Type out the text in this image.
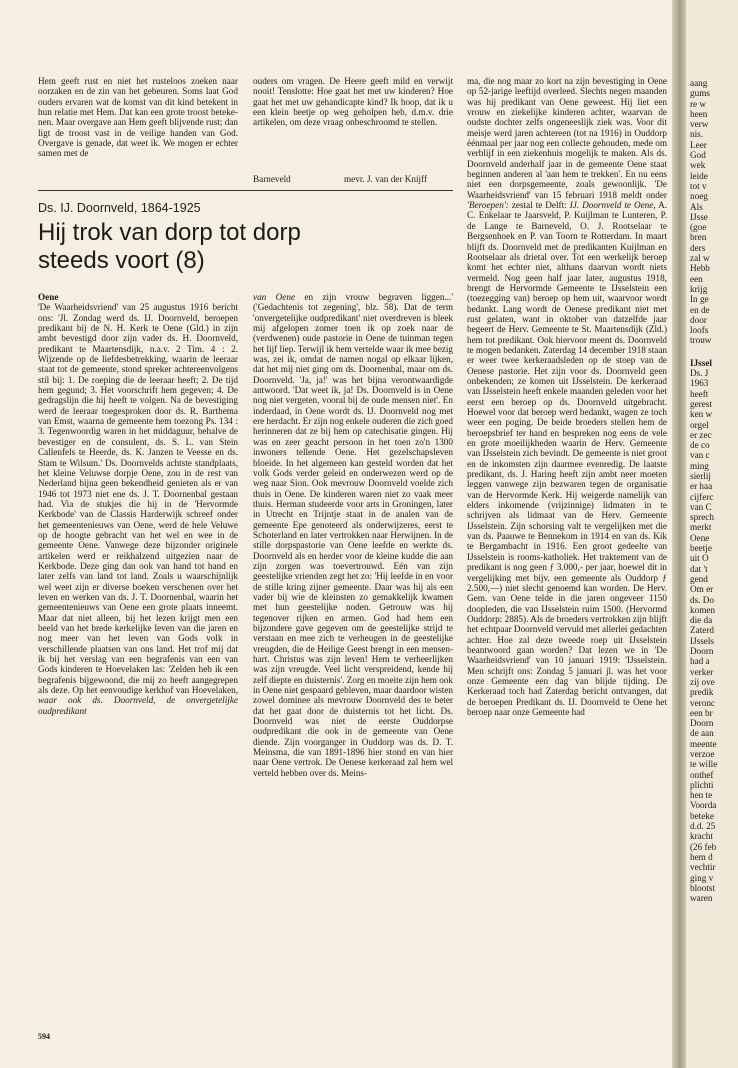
Hem geeft rust en niet het rusteloos zoeken naar oorzaken en de zin van het gebeuren. Soms laat God ouders ervaren wat de komst van dit kind betekent in hun relatie met Hem. Dat kan een grote troost betekenen. Maar overgave aan Hem geeft blijvende rust; dan ligt de troost vast in de veilige handen van God. Overgave is genade, dat weet ik. We mogen er echter samen met de

ouders om vragen. De Heere geeft mild en verwijt nooit! Tenslotte: Hoe gaat het met uw kinderen? Hoe gaat het met uw gehandicapte kind? Ik hoop, dat ik u een klein beetje op weg geholpen heb, d.m.v. drie artikelen, om deze vraag onbeschroomd te stellen.

Barneveld	mevr. J. van der Knijff
Ds. IJ. Doornveld, 1864-1925
Hij trok van dorp tot dorp steeds voort (8)

Oene

'De Waarheidsvriend' van 25 augustus 1916 bericht ons: 'Jl. Zondag werd ds. IJ. Doornveld, beroepen predikant bij de N. H. Kerk te Oene (Gld.) in zijn ambt bevestigd door zijn vader ds. H. Doornveld, predikant te Maartensdijk, n.a.v. 2 Tim. 4 : 2. Wijzende op de liefdesbetrekking, waarin de leeraar staat tot de gemeente, stond spreker achtereenvolgens stil bij: 1. De roeping die de leeraar heeft; 2. De tijd hem gegund; 3. Het voorschrift hem gegeven; 4. De gedragslijn die hij heeft te volgen. Na de bevestiging werd de leeraar toegesproken door ds. R. Barthema van Emst, waarna de gemeente hem toezong Ps. 134 : 3. Tegenwoordig waren in het middaguur, behalve de bevestiger en de consulent, ds. S. L. van Stein Callenfels te Heerde, ds. K. Janzen te Veesse en ds. Stam te Wilsum.' Ds. Doornvelds achtste standplaats, het kleine Veluwse dorpje Oene, zou in de rest van Nederland bijna geen bekendheid genieten als er van 1946 tot 1973 niet ene ds. J. T. Doornenbal gestaan had. Via de stukjes die hij in de 'Hervormde Kerkbode' van de Classis Harderwijk schreef onder het gemeentenieuws van Oene, werd de hele Veluwe op de hoogte gebracht van het wel en wee in de gemeente Oene. Vanwege deze bijzonder originele artikelen werd er reikhalzend uitgezien naar de Kerkbode. Deze ging dan ook van hand tot hand en later zelfs van land tot land. Zoals u waarschijnlijk wel weet zijn er diverse boeken verschenen over het leven en werken van ds. J. T. Doornenbal, waarin het gemeentenieuws van Oene een grote plaats inneemt. Maar dat niet alleen, bij het lezen krijgt men een beeld van het brede kerkelijke leven van die jaren en nog meer van het leven van Gods volk in verschillende plaatsen van ons land. Het trof mij dat ik bij het verslag van een begrafenis van een van Gods kinderen te Hoevelaken las: 'Zelden heb ik een begrafenis bijgewoond, die mij zo heeft aangegrepen als deze. Op het eenvoudige kerkhof van Hoevelaken, waar ook ds. Doornveld, de onvergetelijke oudpredikant

van Oene en zijn vrouw begraven liggen...' ('Gedachtenis tot zegening', blz. 58). Dat de term 'onvergetelijke oudpredikant' niet overdreven is bleek mij afgelopen zomer toen ik op zoek naar de (verdwenen) oude pastorie in Oene de tuinman tegen het lijf liep. Terwijl ik hem vertelde waar ik mee bezig was, zei ik, omdat de namen nogal op elkaar lijken, dat het mij niet ging om ds. Doornenbal, maar om ds. Doornveld. 'Ja, ja!' was het bijna verontwaardigde antwoord. 'Dat weet ik, ja! Ds. Doornveld is in Oene nog niet vergeten, vooral bij de oude mensen niet'. En inderdaad, in Oene wordt ds. IJ. Doornveld nog met ere herdacht. Er zijn nog enkele ouderen die zich goed herinneren dat ze bij hem op catechisatie gingen. Hij was en zeer geacht persoon in het toen zo'n 1300 inwoners tellende Oene. Het gezelschapsleven bloeide. In het algemeen kan gesteld worden dat het volk Gods verder geleid en onderwezen werd op de weg naar Sion. Ook mevrouw Doornveld voelde zich thuis in Oene. De kinderen waren niet zo vaak meer thuis. Herman studeerde voor arts in Groningen, later in Utrecht en Trijntje staat in de analen van de gemeente Epe genoteerd als onderwijzeres, eerst te Schoterland en later vertrokken naar Herwijnen. In de stille dorpspastorie van Oene leefde en werkte ds. Doornveld als en herder voor de kleine kudde die aan zijn zorgen was toevertrouwd. Eén van zijn geestelijke vrienden zegt het zo: 'Hij leefde in en voor de stille kring zijner gemeente. Daar was hij als een vader bij wie de kleinsten zo gemakkelijk kwamen met hun geestelijke noden. Getrouw was hij tegenover rijken en armen. God had hem een bijzondere gave gegeven om de geestelijke strijd te verstaan en mee zich te verheugen in de geestelijke vreugden, die de Heilige Geest brengt in een mensenhart. Christus was zijn leven! Hem te verheerlijken was zijn vreugde. Veel licht verspreidend, kende hij zelf diepte en duisternis'. Zorg en moeite zijn hem ook in Oene niet gespaard gebleven, maar daardoor wisten zowel dominee als mevrouw Doornveld des te beter dat het gaat door de duisternis tot het licht. Ds. Doornveld was niet de eerste Ouddorpse oudpredikant die ook in de gemeente van Oene diende. Zijn voorganger in Ouddorp was ds. D. T. Meinsma, die van 1891-1896 hier stond en van hier naar Oene vertrok. De Oenese kerkeraad zal hem wel verteld hebben over ds. Meins-

ma, die nog maar zo kort na zijn bevestiging in Oene op 52-jarige leeftijd overleed. Slechts negen maanden was hij predikant van Oene geweest. Hij liet een vrouw en ziekelijke kinderen achter, waarvan de oudste dochter zelfs ongeneeslijk ziek was. Voor dit meisje werd jaren achtereen (tot na 1916) in Ouddorp éénmaal per jaar nog een collecte gehouden, mede om verblijf in een ziekenhuis mogelijk te maken. Als ds. Doornveld anderhalf jaar in de gemeente Oene staat beginnen anderen al 'aan hem te trekken'. En nu eens niet een dorpsgemeente, zoals gewoonlijk. 'De Waarheidsvriend' van 15 februari 1918 meldt onder 'Beroepen': zestal te Delft: IJ. Doornveld te Oene, A. C. Enkelaar te Jaarsveld, P. Kuijlman te Lunteren, P. de Lange te Barneveld, O. J. Rootselaar te Bergsenhoek en P. van Toorn te Rotterdam. In maart blijft ds. Doornveld met de predikanten Kuijlman en Rootselaar als drietal over. Tot een werkelijk beroep komt het echter niet, althans daarvan wordt niets vermeld. Nog geen half jaar later, augustus 1918, brengt de Hervormde Gemeente te IJsselstein een (toezegging van) beroep op hem uit, waarvoor wordt bedankt. Lang wordt de Oenese predikant niet met rust gelaten, want in oktober van datzelfde jaar begeert de Herv. Gemeente te St. Maartensdijk (Zld.) hem tot predikant. Ook hiervoor meent ds. Doornveld te mogen bedanken. Zaterdag 14 december 1918 staan er weer twee kerkeraadsleden op de stoep van de Oenese pastorie. Het zijn voor ds. Doornveld geen onbekenden; ze komen uit IJsselstein. De kerkeraad van IJsselstein heeft enkele maanden geleden voor het eerst een beroep op ds. Doornveld uitgebracht. Hoewel voor dat beroep werd bedankt, wagen ze toch weer een poging. De beide broeders stellen hem de beroepsbrief ter hand en bespreken nog eens de vele en grote moeilijkheden waarin de Herv. Gemeente van IJsselstein zich bevindt. De gemeente is niet groot en de inkomsten zijn daarmee evenredig. De laatste predikant, ds. J. Haring heeft zijn ambt neer moeten leggen vanwege zijn bezwaren tegen de organisatie van de Hervormde Kerk. Hij weigerde namelijk van elders inkomende (vrijzinnige) lidmaten in te schrijven als lidmaat van de Herv. Gemeente IJsselstein. Zijn schorsing valt te vergelijken met die van ds. Paauwe te Bennekom in 1914 en van ds. Kik te Bergambacht in 1916. Een groot gedeelte van IJsselstein is rooms-katholiek. Het traktement van de predikant is nog geen ƒ 3.000,- per jaar, hoewel dit in vergelijking met bijv. een gemeente als Ouddorp ƒ 2.500,—) niet slecht genoemd kan worden. De Herv. Gem. van Oene telde in die jaren ongeveer 1150 doopleden, die van IJsselstein ruim 1500. (Hervormd Ouddorp: 2885). Als de broeders vertrokken zijn blijft het echtpaar Doornveld vervuld met allerlei gedachten achter. Hoe zal deze tweede roep uit IJsselstein beantwoord gaan worden? Dat lezen we in 'De Waarheidsvriend' van 10 januari 1919: 'IJsselstein. Men schrijft ons: Zondag 5 januari jl. was het voor onze Gemeente een dag van blijde tijding. De Kerkeraad toch had Zaterdag bericht ontvangen, dat de beroepen Predikant ds. IJ. Doornveld te Oene het beroep naar onze Gemeente had

594
aang
gums
re w
heen
verw
nis.
Leer
God
wek
leide
tot v
noeg
Als
IJsse
(goe
bren
ders
zal w
Hebb
een
krijg
In ge
en de
door
loofs
trouw
IJssel
Ds. J
1963
heeft
gerest
ken w
orgel
er zec
de co
van c
ming
sierlij
er haa
cijferc
van C
sprech
merkt
Oene
beetje
uit O
dat 't
gend
Om er
ds. Do
komen
die da
Zaterd
IJssels
Doorn
had a
verker
zij ove
predik
veronc
een br
Doorn
de aan
meente
verzoe
te wille
onthef
plichti
hen te
Voorda
beteke
d.d. 25
kracht
(26 feb
hem d
vechtir
ging v
blootst
waren
